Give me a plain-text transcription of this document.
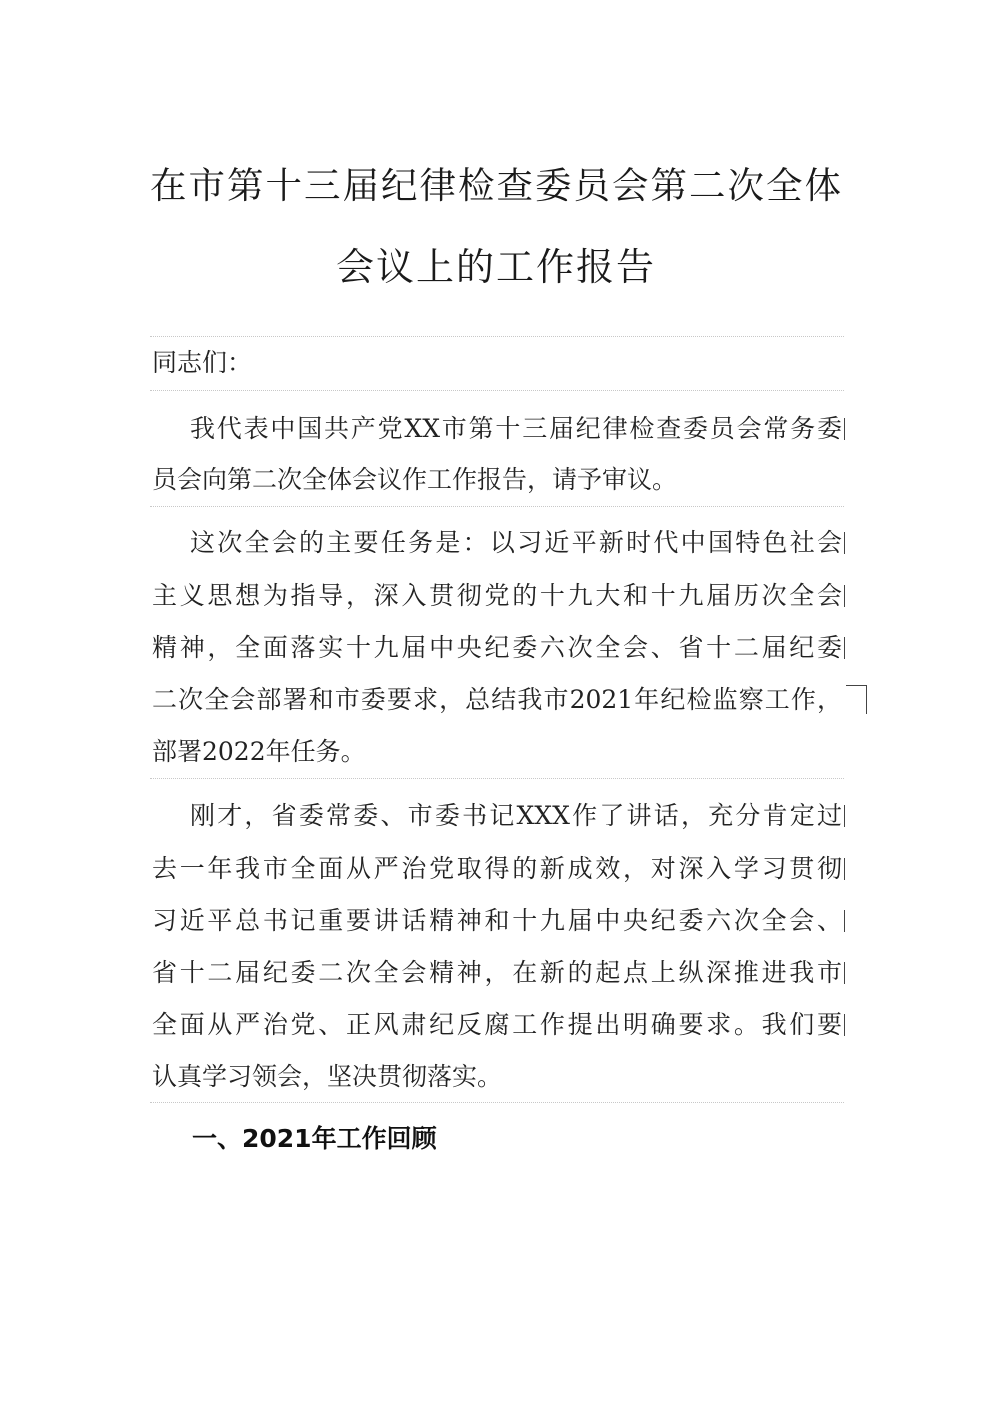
在市第十三届纪律检查委员会第二次全体
会议上的工作报告
同志们：
我代表中国共产党XX市第十三届纪律检查委员会常务委
员会向第二次全体会议作工作报告，请予审议。
这次全会的主要任务是：以习近平新时代中国特色社会
主义思想为指导，深入贯彻党的十九大和十九届历次全会
精神，全面落实十九届中央纪委六次全会、省十二届纪委
二次全会部署和市委要求，总结我市2021年纪检监察工作，
部署2022年任务。
刚才，省委常委、市委书记XXX作了讲话，充分肯定过
去一年我市全面从严治党取得的新成效，对深入学习贯彻
习近平总书记重要讲话精神和十九届中央纪委六次全会、
省十二届纪委二次全会精神，在新的起点上纵深推进我市
全面从严治党、正风肃纪反腐工作提出明确要求。我们要
认真学习领会，坚决贯彻落实。
一、2021年工作回顾
